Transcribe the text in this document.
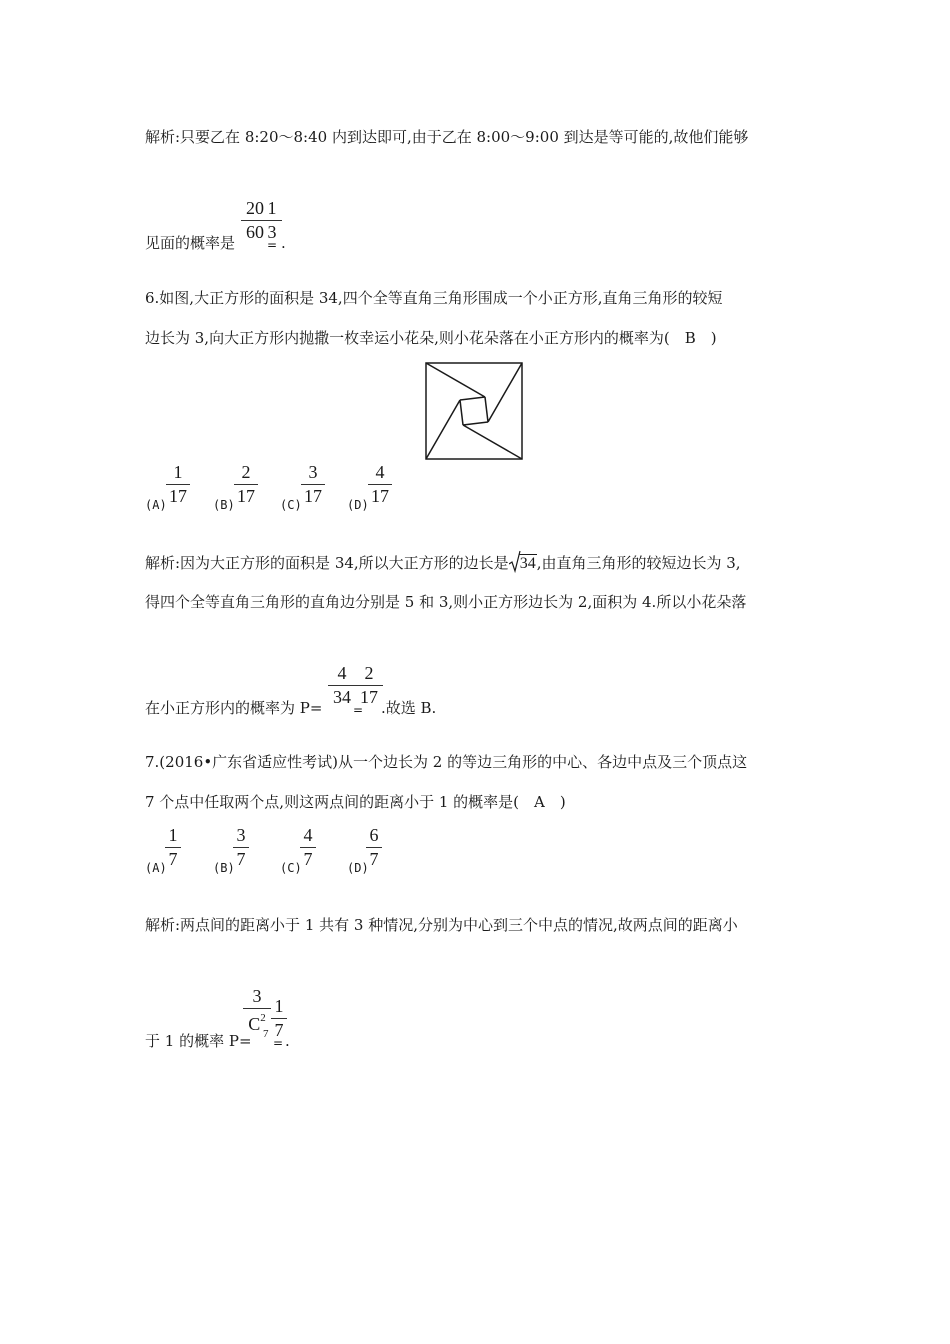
解析:只要乙在 8:20～8:40 内到达即可,由于乙在 8:00～9:00 到达是等可能的,故他们能够
20
60
1
3
见面的概率是	= .
6.如图,大正方形的面积是 34,四个全等直角三角形围成一个小正方形,直角三角形的较短
边长为 3,向大正方形内抛撒一枚幸运小花朵,则小花朵落在小正方形内的概率为(　B　)
(A)
1
17 (B)
2
17 (C)
3
17 (D)
4
17
解析:因为大正方形的面积是 34,所以大正方形的边长是 34,由直角三角形的较短边长为 3,
得四个全等直角三角形的直角边分别是 5 和 3,则小正方形边长为 2,面积为 4.所以小花朵落
4
34
2
17
在小正方形内的概率为 P=	= .故选 B.
7.(2016•广东省适应性考试)从一个边长为 2 的等边三角形的中心、各边中点及三个顶点这
7 个点中任取两个点,则这两点间的距离小于 1 的概率是(　A　)
(A)
1
7	(B)
3
7	(C)
4
7	(D)
6
7
解析:两点间的距离小于 1 共有 3 种情况,分别为中心到三个中点的情况,故两点间的距离小
3
$C^2$
7
1
7
于 1 的概率 P= = .
